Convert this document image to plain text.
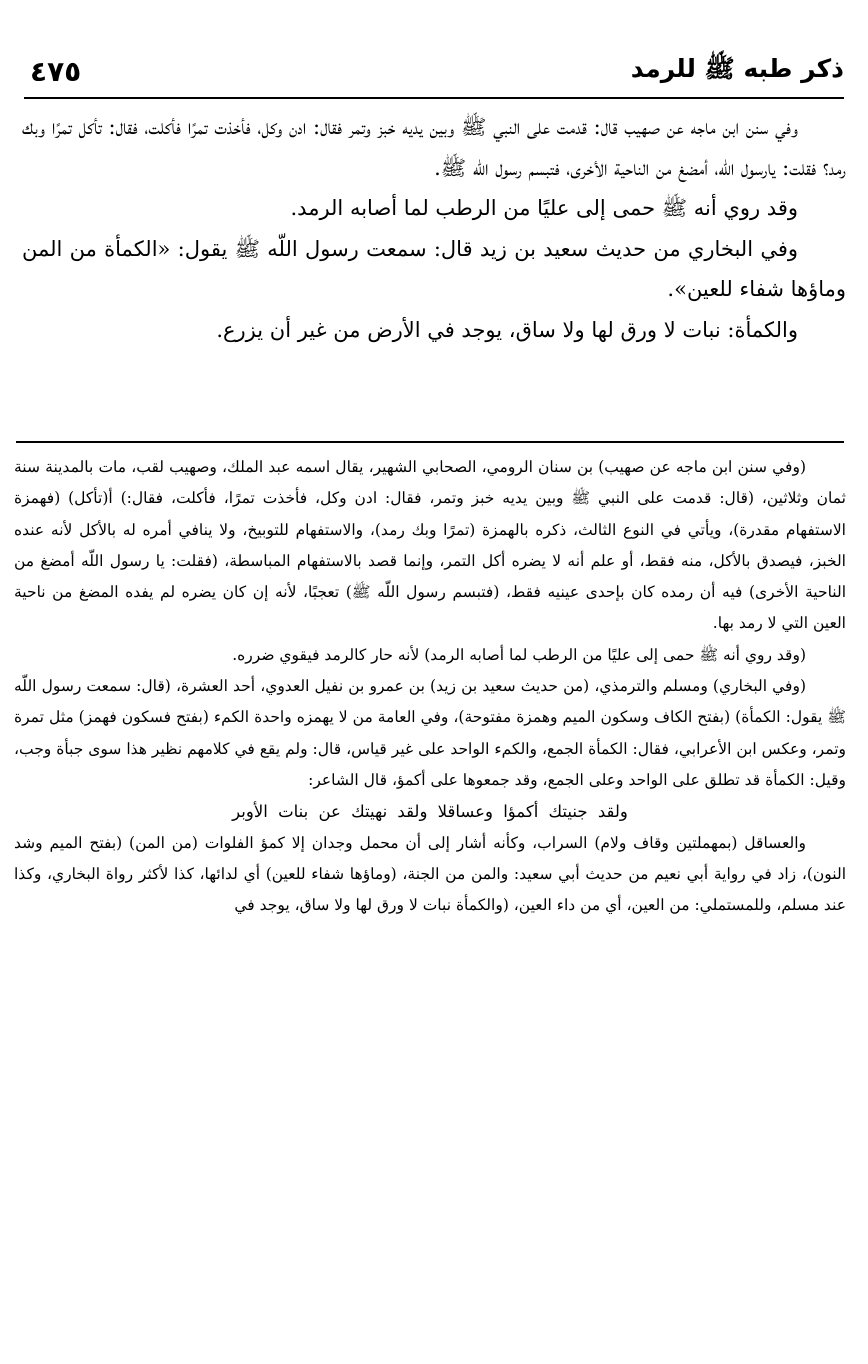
ذكر طبه ﷺ للرمد
٤٧٥

وفي سنن ابن ماجه عن صهيب قال: قدمت على النبي ﷺ وبين يديه خبز وتمر فقال: ادن وكل، فأخذت تمرًا فأكلت، فقال: تأكل تمرًا وبك رمد؟ فقلت: يارسول اللّه، أمضغ من الناحية الأخرى، فتبسم رسول اللّه ﷺ.

وقد روي أنه ﷺ حمى إلى عليًا من الرطب لما أصابه الرمد.

وفي البخاري من حديث سعيد بن زيد قال: سمعت رسول اللّه ﷺ يقول: «الكمأة من المن وماؤها شفاء للعين».

والكمأة: نبات لا ورق لها ولا ساق، يوجد في الأرض من غير أن يزرع.

(وفي سنن ابن ماجه عن صهيب) بن سنان الرومي، الصحابي الشهير، يقال اسمه عبد الملك، وصهيب لقب، مات بالمدينة سنة ثمان وثلاثين، (قال: قدمت على النبي ﷺ وبين يديه خبز وتمر، فقال: ادن وكل، فأخذت تمرًا، فأكلت، فقال:) أ(تأكل) (فهمزة الاستفهام مقدرة)، ويأتي في النوع الثالث، ذكره بالهمزة (تمرًا وبك رمد)، والاستفهام للتوبيخ، ولا ينافي أمره له بالأكل لأنه عنده الخبز، فيصدق بالأكل، منه فقط، أو علم أنه لا يضره أكل التمر، وإنما قصد بالاستفهام المباسطة، (فقلت: يا رسول اللّه أمضغ من الناحية الأخرى) فيه أن رمده كان بإحدى عينيه فقط، (فتبسم رسول اللّه ﷺ) تعجبًا، لأنه إن كان يضره لم يفده المضغ من ناحية العين التي لا رمد بها.

(وقد روي أنه ﷺ حمى إلى عليًا من الرطب لما أصابه الرمد) لأنه حار كالرمد فيقوي ضرره.

(وفي البخاري) ومسلم والترمذي، (من حديث سعيد بن زيد) بن عمرو بن نفيل العدوي، أحد العشرة، (قال: سمعت رسول اللّه ﷺ يقول: الكمأة) (بفتح الكاف وسكون الميم وهمزة مفتوحة)، وفي العامة من لا يهمزه واحدة الكمء (بفتح فسكون فهمز) مثل تمرة وتمر، وعكس ابن الأعرابي، فقال: الكمأة الجمع، والكمء الواحد على غير قياس، قال: ولم يقع في كلامهم نظير هذا سوى جبأة وجب، وقيل: الكمأة قد تطلق على الواحد وعلى الجمع، وقد جمعوها على أكمؤ، قال الشاعر:

ولقد جنيتك أكمؤا وعساقلا ولقد نهيتك عن بنات الأوبر

والعساقل (بمهملتين وقاف ولام) السراب، وكأنه أشار إلى أن محمل وجدان إلا كمؤ الفلوات (من المن) (بفتح الميم وشد النون)، زاد في رواية أبي نعيم من حديث أبي سعيد: والمن من الجنة، (وماؤها شفاء للعين) أي لدائها، كذا لأكثر رواة البخاري، وكذا عند مسلم، وللمستملي: من العين، أي من داء العين، (والكمأة نبات لا ورق لها ولا ساق، يوجد في
